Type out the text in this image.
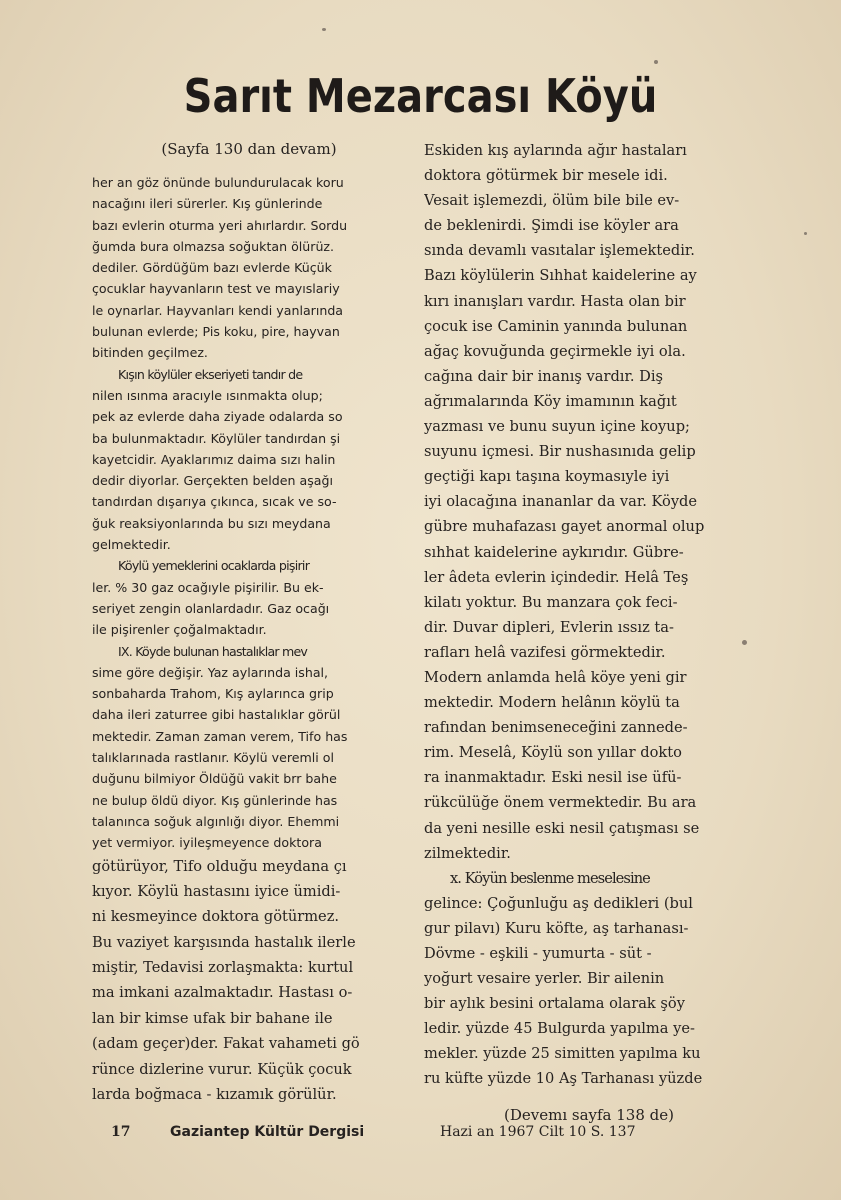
Sarıt Mezarcası Köyü
(Sayfa 130 dan devam)
her an göz önünde bulundurulacak koru
nacağını ileri sürerler. Kış günlerinde
bazı evlerin oturma yeri ahırlardır. Sordu
ğumda bura olmazsa soğuktan ölürüz.
dediler. Gördüğüm bazı evlerde Küçük
çocuklar hayvanların test ve mayıslariy
le oynarlar. Hayvanları kendi yanlarında
bulunan evlerde; Pis koku, pire, hayvan
bitinden geçilmez.
Kışın köylüler ekseriyeti tandır de
nilen ısınma aracıyle ısınmakta olup;
pek az evlerde daha ziyade odalarda so
ba bulunmaktadır. Köylüler tandırdan şi
kayetcidir. Ayaklarımız daima sızı halin
dedir diyorlar. Gerçekten belden aşağı
tandırdan dışarıya çıkınca, sıcak ve so-
ğuk reaksiyonlarında bu sızı meydana
gelmektedir.
Köylü yemeklerini ocaklarda pişirir
ler. % 30 gaz ocağıyle pişirilir. Bu ek-
seriyet zengin olanlardadır. Gaz ocağı
ile pişirenler çoğalmaktadır.
IX. Köyde bulunan hastalıklar mev
sime göre değişir. Yaz aylarında ishal,
sonbaharda Trahom, Kış aylarınca grip
daha ileri zaturree gibi hastalıklar görül
mektedir. Zaman zaman verem, Tifo has
talıklarınada rastlanır. Köylü veremli ol
duğunu bilmiyor Öldüğü vakit brr bahe
ne bulup öldü diyor. Kış günlerinde has
talanınca soğuk algınlığı diyor. Ehemmi
yet vermiyor. iyileşmeyence doktora
götürüyor, Tifo olduğu meydana çı
kıyor. Köylü hastasını iyice ümidi-
ni kesmeyince doktora götürmez.
Bu vaziyet karşısında hastalık ilerle
miştir, Tedavisi zorlaşmakta: kurtul
ma imkani azalmaktadır. Hastası o-
lan bir kimse ufak bir bahane ile
(adam geçer)der. Fakat vahameti gö
rünce dizlerine vurur. Küçük çocuk
larda boğmaca - kızamık görülür.
Eskiden kış aylarında ağır hastaları
doktora götürmek bir mesele idi.
Vesait işlemezdi, ölüm bile bile ev-
de beklenirdi. Şimdi ise köyler ara
sında devamlı vasıtalar işlemektedir.
Bazı köylülerin Sıhhat kaidelerine ay
kırı inanışları vardır. Hasta olan bir
çocuk ise Caminin yanında bulunan
ağaç kovuğunda geçirmekle iyi ola.
cağına dair bir inanış vardır. Diş
ağrımalarında Köy imamının kağıt
yazması ve bunu suyun içine koyup;
suyunu içmesi. Bir nushasınıda gelip
geçtiği kapı taşına koymasıyle iyi
iyi olacağına inananlar da var. Köyde
gübre muhafazası gayet anormal olup
sıhhat kaidelerine aykırıdır. Gübre-
ler âdeta evlerin içindedir. Helâ Teş
kilatı yoktur. Bu manzara çok feci-
dir. Duvar dipleri, Evlerin ıssız ta-
rafları helâ vazifesi görmektedir.
Modern anlamda helâ köye yeni gir
mektedir. Modern helânın köylü ta
rafından benimseneceğini zannede-
rim. Meselâ, Köylü son yıllar dokto
ra inanmaktadır. Eski nesil ise üfü-
rükcülüğe önem vermektedir. Bu ara
da yeni nesille eski nesil çatışması se
zilmektedir.
x. Köyün beslenme meselesine
gelince: Çoğunluğu aş dedikleri (bul
gur pilavı) Kuru köfte, aş tarhanası-
Dövme - eşkili - yumurta - süt -
yoğurt vesaire yerler. Bir ailenin
bir aylık besini ortalama olarak şöy
ledir. yüzde 45 Bulgurda yapılma ye-
mekler. yüzde 25 simitten yapılma ku
ru küfte yüzde 10 Aş Tarhanası yüzde
(Devemı sayfa 138 de)
17	Gaziantep Kültür Dergisi	Hazi an 1967 Cilt 10 S. 137
